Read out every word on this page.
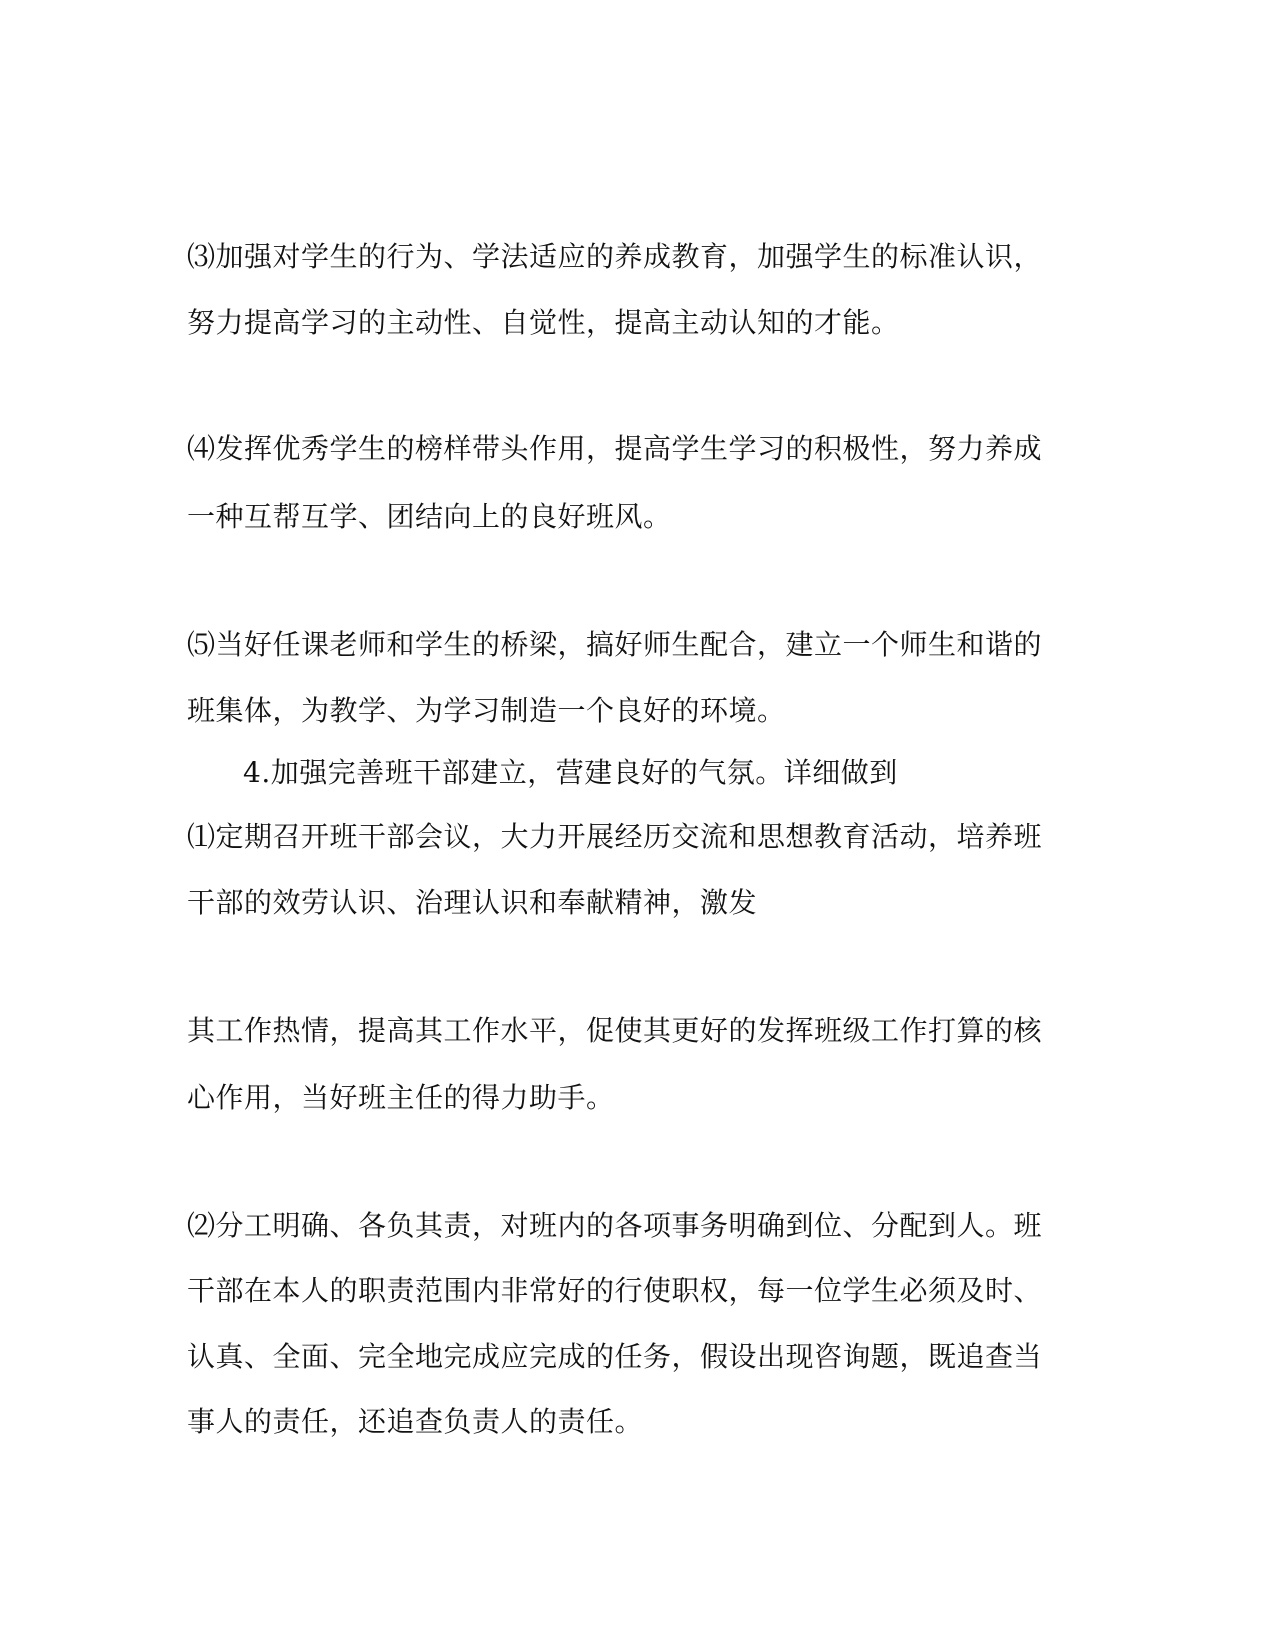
⑶加强对学生的行为、学法适应的养成教育，加强学生的标准认识，
努力提高学习的主动性、自觉性，提高主动认知的才能。
⑷发挥优秀学生的榜样带头作用，提高学生学习的积极性，努力养成
一种互帮互学、团结向上的良好班风。
⑸当好任课老师和学生的桥梁，搞好师生配合，建立一个师生和谐的
班集体，为教学、为学习制造一个良好的环境。
4.加强完善班干部建立，营建良好的气氛。详细做到
⑴定期召开班干部会议，大力开展经历交流和思想教育活动，培养班
干部的效劳认识、治理认识和奉献精神，激发
其工作热情，提高其工作水平，促使其更好的发挥班级工作打算的核
心作用，当好班主任的得力助手。
⑵分工明确、各负其责，对班内的各项事务明确到位、分配到人。班
干部在本人的职责范围内非常好的行使职权，每一位学生必须及时、
认真、全面、完全地完成应完成的任务，假设出现咨询题，既追查当
事人的责任，还追查负责人的责任。
